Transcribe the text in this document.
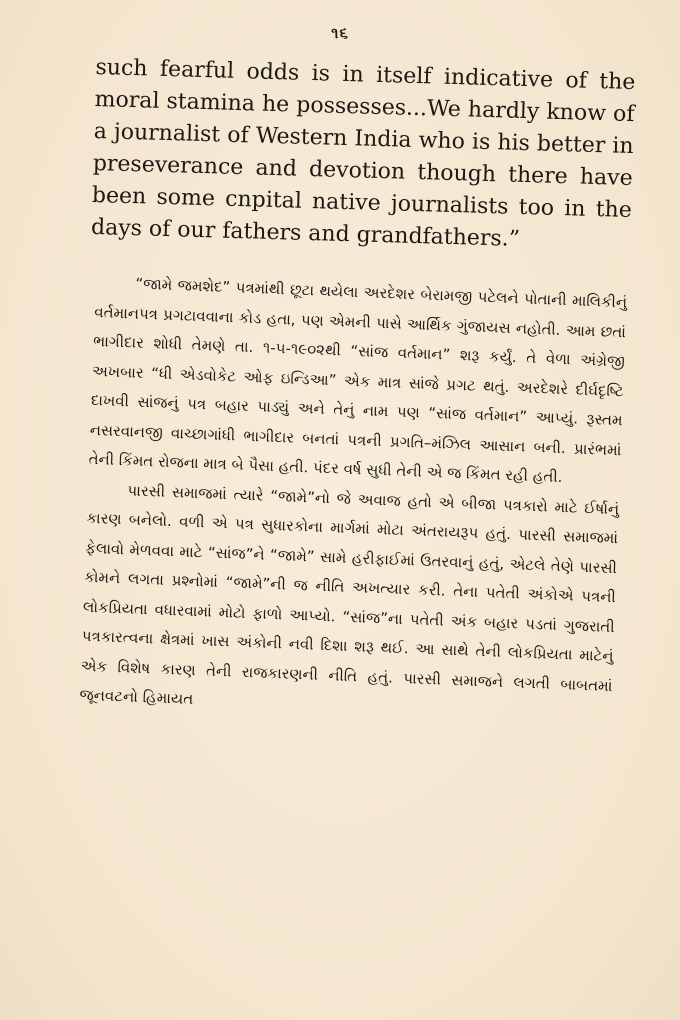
૧૬

such fearful odds is in itself indicative of the moral stamina he possesses...We hardly know of a journalist of Western India who is his better in preseverance and devotion though there have been some cnpital native journalists too in the days of our fathers and grandfathers.”

“જામે જમશેદ” પત્રમાંથી છૂટા થયેલા અરદેશર બેરામજી પટેલને પોતાની માલિકીનું વર્તમાનપત્ર પ્રગટાવવાના કોડ હતા, પણ એમની પાસે આર્થિક ગુંજાયસ નહોતી. આમ છતાં ભાગીદાર શોધી તેમણે તા. ૧-૫-૧૯૦૨થી “સાંજ વર્તમાન” શરૂ કર્યું. તે વેળા અંગ્રેજી અખબાર “ધી એડવોકેટ ઓફ ઇન્ડિઆ” એક માત્ર સાંજે પ્રગટ થતું. અરદેશરે દીર્ઘદૃષ્ટિ દાખવી સાંજનું પત્ર બહાર પાડ્યું અને તેનું નામ પણ “સાંજ વર્તમાન” આપ્યું. રૂસ્તમ નસરવાનજી વાચ્છાગાંધી ભાગીદાર બનતાં પત્રની પ્રગતિ–મંઝિલ આસાન બની. પ્રારંભમાં તેની કિંમત રોજના માત્ર બે પૈસા હતી. પંદર વર્ષ સુધી તેની એ જ કિંમત રહી હતી.

પારસી સમાજમાં ત્યારે “જામે”નો જે અવાજ હતો એ બીજા પત્રકારો માટે ઈર્ષાનું કારણ બનેલો. વળી એ પત્ર સુધારકોના માર્ગમાં મોટા અંતરાયરૂપ હતું. પારસી સમાજમાં ફેલાવો મેળવવા માટે “સાંજ”ને “જામે” સામે હરીફાઈમાં ઉતરવાનું હતું, એટલે તેણે પારસી કોમને લગતા પ્રશ્નોમાં “જામે”ની જ નીતિ અખત્યાર કરી. તેના પતેતી અંકોએ પત્રની લોકપ્રિયતા વધારવામાં મોટો ફાળો આપ્યો. “સાંજ”ના પતેતી અંક બહાર પડતાં ગુજરાતી પત્રકારત્વના ક્ષેત્રમાં ખાસ અંકોની નવી દિશા શરૂ થઈ. આ સાથે તેની લોકપ્રિયતા માટેનું એક વિશેષ કારણ તેની રાજકારણની નીતિ હતું. પારસી સમાજને લગતી બાબતમાં જૂનવટનો હિમાયત
